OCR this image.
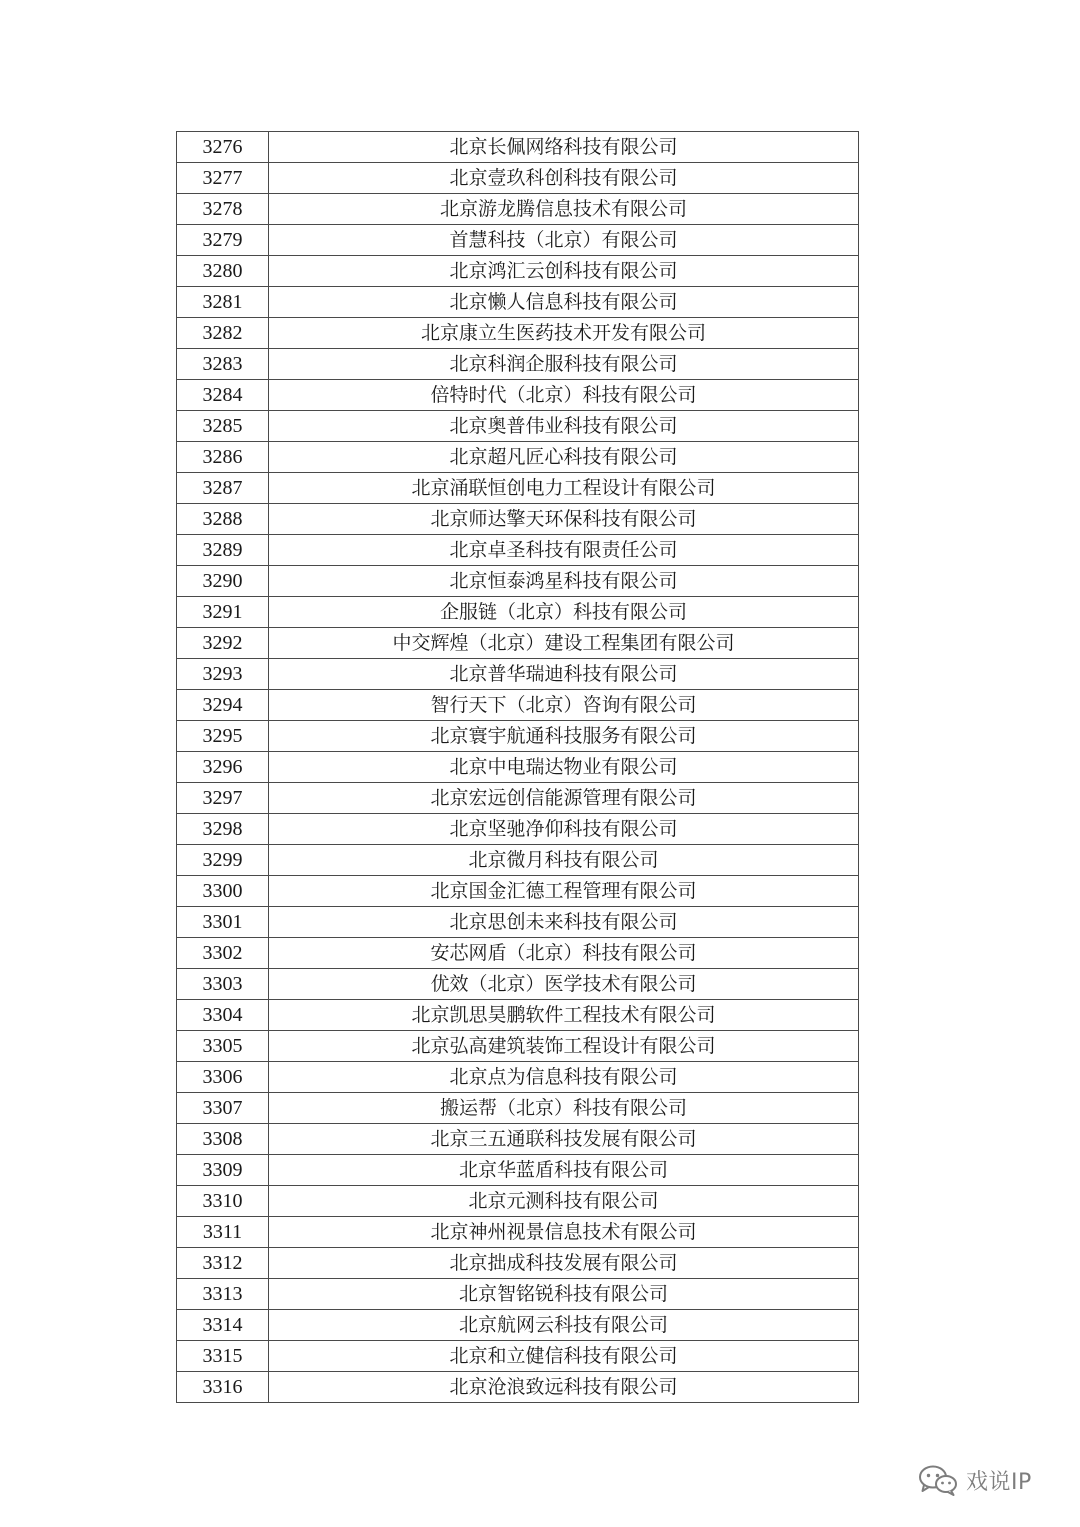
3276	北京长佩网络科技有限公司
3277	北京壹玖科创科技有限公司
3278	北京游龙腾信息技术有限公司
3279	首慧科技（北京）有限公司
3280	北京鸿汇云创科技有限公司
3281	北京懒人信息科技有限公司
3282	北京康立生医药技术开发有限公司
3283	北京科润企服科技有限公司
3284	倍特时代（北京）科技有限公司
3285	北京奥普伟业科技有限公司
3286	北京超凡匠心科技有限公司
3287	北京涌联恒创电力工程设计有限公司
3288	北京师达擎天环保科技有限公司
3289	北京卓圣科技有限责任公司
3290	北京恒泰鸿星科技有限公司
3291	企服链（北京）科技有限公司
3292	中交辉煌（北京）建设工程集团有限公司
3293	北京普华瑞迪科技有限公司
3294	智行天下（北京）咨询有限公司
3295	北京寰宇航通科技服务有限公司
3296	北京中电瑞达物业有限公司
3297	北京宏远创信能源管理有限公司
3298	北京坚驰净仰科技有限公司
3299	北京微月科技有限公司
3300	北京国金汇德工程管理有限公司
3301	北京思创未来科技有限公司
3302	安芯网盾（北京）科技有限公司
3303	优效（北京）医学技术有限公司
3304	北京凯思昊鹏软件工程技术有限公司
3305	北京弘高建筑装饰工程设计有限公司
3306	北京点为信息科技有限公司
3307	搬运帮（北京）科技有限公司
3308	北京三五通联科技发展有限公司
3309	北京华蓝盾科技有限公司
3310	北京元测科技有限公司
3311	北京神州视景信息技术有限公司
3312	北京拙成科技发展有限公司
3313	北京智铭锐科技有限公司
3314	北京航网云科技有限公司
3315	北京和立健信科技有限公司
3316	北京沧浪致远科技有限公司
戏说IP
